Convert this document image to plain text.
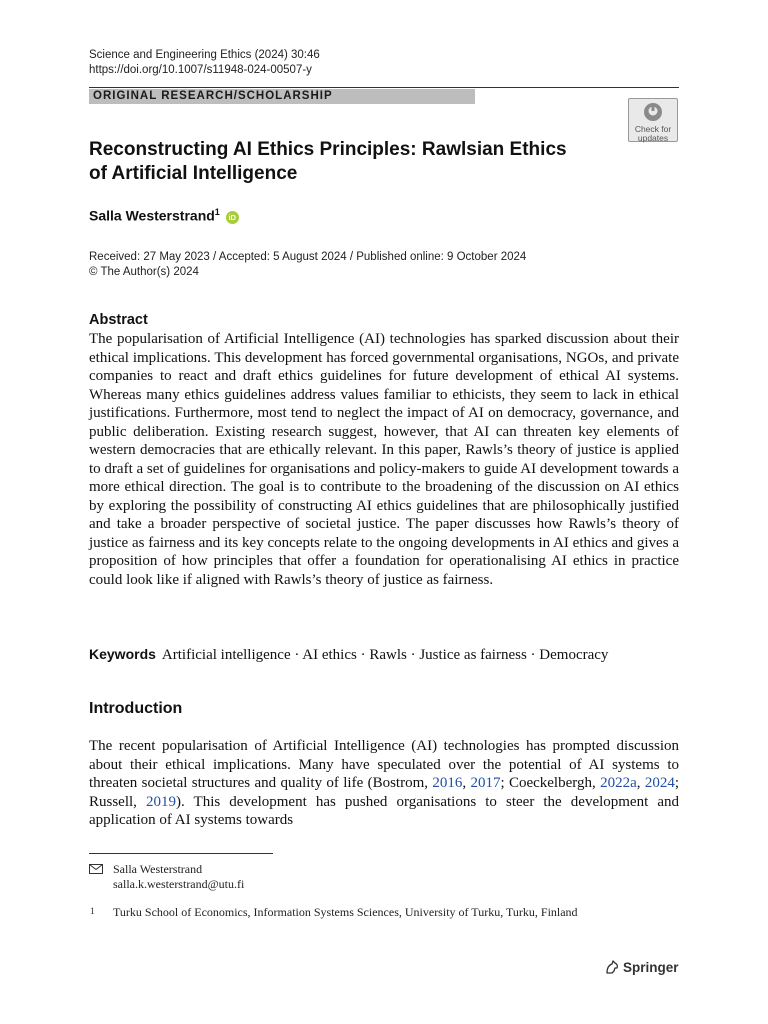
Science and Engineering Ethics (2024) 30:46
https://doi.org/10.1007/s11948-024-00507-y
ORIGINAL RESEARCH/SCHOLARSHIP
Check for
updates
Reconstructing AI Ethics Principles: Rawlsian Ethics
of Artificial Intelligence
Salla Westerstrand$^1$ iD
Received: 27 May 2023 / Accepted: 5 August 2024 / Published online: 9 October 2024
© The Author(s) 2024
Abstract
The popularisation of Artificial Intelligence (AI) technologies has sparked discussion about their ethical implications. This development has forced governmental organisations, NGOs, and private companies to react and draft ethics guidelines for future development of ethical AI systems. Whereas many ethics guidelines address values familiar to ethicists, they seem to lack in ethical justifications. Furthermore, most tend to neglect the impact of AI on democracy, governance, and public deliberation. Existing research suggest, however, that AI can threaten key elements of western democracies that are ethically relevant. In this paper, Rawls’s theory of justice is applied to draft a set of guidelines for organisations and policy-makers to guide AI development towards a more ethical direction. The goal is to contribute to the broadening of the discussion on AI ethics by exploring the possibility of constructing AI ethics guidelines that are philosophically justified and take a broader perspective of societal justice. The paper discusses how Rawls’s theory of justice as fairness and its key concepts relate to the ongoing developments in AI ethics and gives a proposition of how principles that offer a foundation for operationalising AI ethics in practice could look like if aligned with Rawls’s theory of justice as fairness.
Keywords Artificial intelligence · AI ethics · Rawls · Justice as fairness · Democracy
Introduction
The recent popularisation of Artificial Intelligence (AI) technologies has prompted discussion about their ethical implications. Many have speculated over the potential of AI systems to threaten societal structures and quality of life (Bostrom, 2016, 2017; Coeckelbergh, 2022a, 2024; Russell, 2019). This development has pushed organisations to steer the development and application of AI systems towards
Salla Westerstrand
salla.k.westerstrand@utu.fi
1 Turku School of Economics, Information Systems Sciences, University of Turku, Turku, Finland
Springer
